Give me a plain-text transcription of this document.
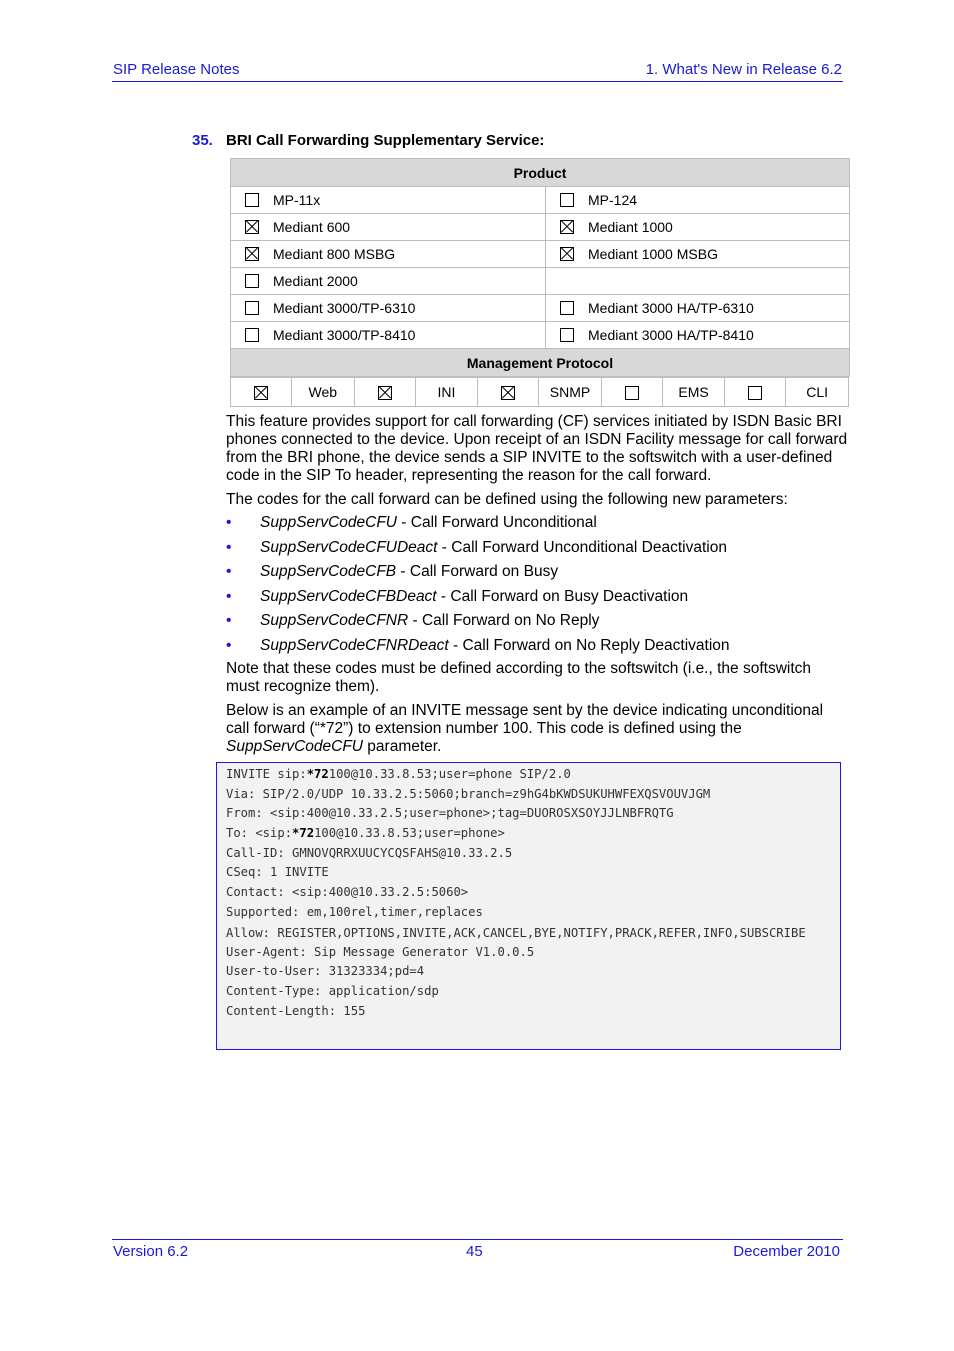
SIP Release Notes	1. What's New in Release 6.2
35. BRI Call Forwarding Supplementary Service:
Product	

MP-11x	MP-124

Mediant 600	Mediant 1000

Mediant 800 MSBG	Mediant 1000 MSBG

Mediant 2000	

Mediant 3000/TP-6310	Mediant 3000 HA/TP-6310

Mediant 3000/TP-8410	Mediant 3000 HA/TP-8410

Management Protocol	
	Web		INI		SNMP		EMS		CLI
This feature provides support for call forwarding (CF) services initiated by ISDN Basic BRI phones connected to the device. Upon receipt of an ISDN Facility message for call forward from the BRI phone, the device sends a SIP INVITE to the softswitch with a user-defined code in the SIP To header, representing the reason for the call forward.
The codes for the call forward can be defined using the following new parameters:
• SuppServCodeCFU - Call Forward Unconditional
• SuppServCodeCFUDeact - Call Forward Unconditional Deactivation
• SuppServCodeCFB - Call Forward on Busy
• SuppServCodeCFBDeact - Call Forward on Busy Deactivation
• SuppServCodeCFNR - Call Forward on No Reply
• SuppServCodeCFNRDeact - Call Forward on No Reply Deactivation
Note that these codes must be defined according to the softswitch (i.e., the softswitch must recognize them).
Below is an example of an INVITE message sent by the device indicating unconditional call forward (“*72”) to extension number 100. This code is defined using the SuppServCodeCFU parameter.
INVITE sip:*72100@10.33.8.53;user=phone SIP/2.0
Via: SIP/2.0/UDP 10.33.2.5:5060;branch=z9hG4bKWDSUKUHWFEXQSVOUVJGM
From: <sip:400@10.33.2.5;user=phone>;tag=DUOROSXSOYJJLNBFRQTG
To: <sip:*72100@10.33.8.53;user=phone>
Call-ID: GMNOVQRRXUUCYCQSFAHS@10.33.2.5
CSeq: 1 INVITE
Contact: <sip:400@10.33.2.5:5060>
Supported: em,100rel,timer,replaces
Allow: REGISTER,OPTIONS,INVITE,ACK,CANCEL,BYE,NOTIFY,PRACK,REFER,INFO,SUBSCRIBE
User-Agent: Sip Message Generator V1.0.0.5
User-to-User: 31323334;pd=4
Content-Type: application/sdp
Content-Length: 155
Version 6.2	45	December 2010
